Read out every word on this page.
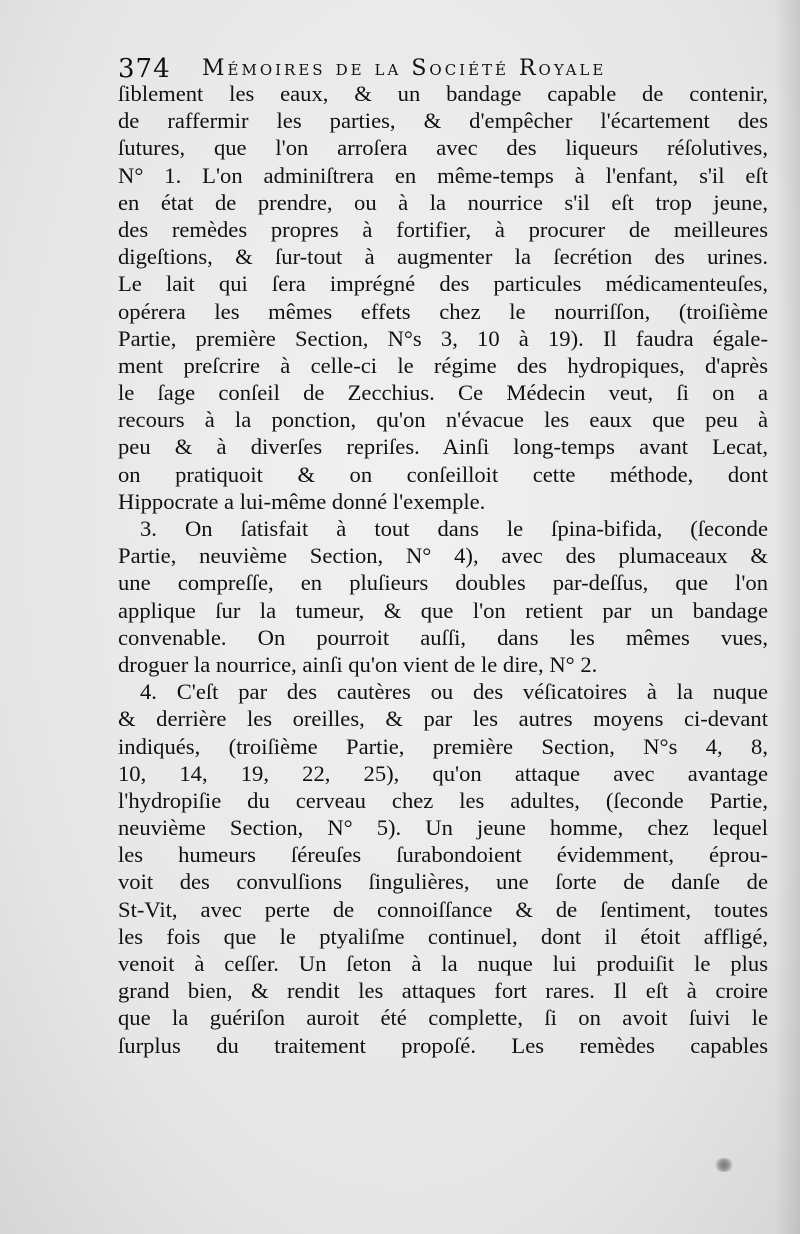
374 Mémoires de la Société Royale
ſiblement les eaux, & un bandage capable de contenir,
de raffermir les parties, & d'empêcher l'écartement des
ſutures, que l'on arroſera avec des liqueurs réſolutives,
N° 1. L'on adminiſtrera en même-temps à l'enfant, s'il eſt
en état de prendre, ou à la nourrice s'il eſt trop jeune,
des remèdes propres à fortifier, à procurer de meilleures
digeſtions, & ſur-tout à augmenter la ſecrétion des urines.
Le lait qui ſera imprégné des particules médicamenteuſes,
opérera les mêmes effets chez le nourriſſon, (troiſième
Partie, première Section, N°s 3, 10 à 19). Il faudra égale-
ment preſcrire à celle-ci le régime des hydropiques, d'après
le ſage conſeil de Zecchius. Ce Médecin veut, ſi on a
recours à la ponction, qu'on n'évacue les eaux que peu à
peu & à diverſes repriſes. Ainſi long-temps avant Lecat,
on pratiquoit & on conſeilloit cette méthode, dont
Hippocrate a lui-même donné l'exemple.
3. On ſatisfait à tout dans le ſpina-bifida, (ſeconde
Partie, neuvième Section, N° 4), avec des plumaceaux &
une compreſſe, en pluſieurs doubles par-deſſus, que l'on
applique ſur la tumeur, & que l'on retient par un bandage
convenable. On pourroit auſſi, dans les mêmes vues,
droguer la nourrice, ainſi qu'on vient de le dire, N° 2.
4. C'eſt par des cautères ou des véſicatoires à la nuque
& derrière les oreilles, & par les autres moyens ci-devant
indiqués, (troiſième Partie, première Section, N°s 4, 8,
10, 14, 19, 22, 25), qu'on attaque avec avantage
l'hydropiſie du cerveau chez les adultes, (ſeconde Partie,
neuvième Section, N° 5). Un jeune homme, chez lequel
les humeurs ſéreuſes ſurabondoient évidemment, éprou-
voit des convulſions ſingulières, une ſorte de danſe de
St-Vit, avec perte de connoiſſance & de ſentiment, toutes
les fois que le ptyaliſme continuel, dont il étoit affligé,
venoit à ceſſer. Un ſeton à la nuque lui produiſit le plus
grand bien, & rendit les attaques fort rares. Il eſt à croire
que la guériſon auroit été complette, ſi on avoit ſuivi le
ſurplus du traitement propoſé. Les remèdes capables
